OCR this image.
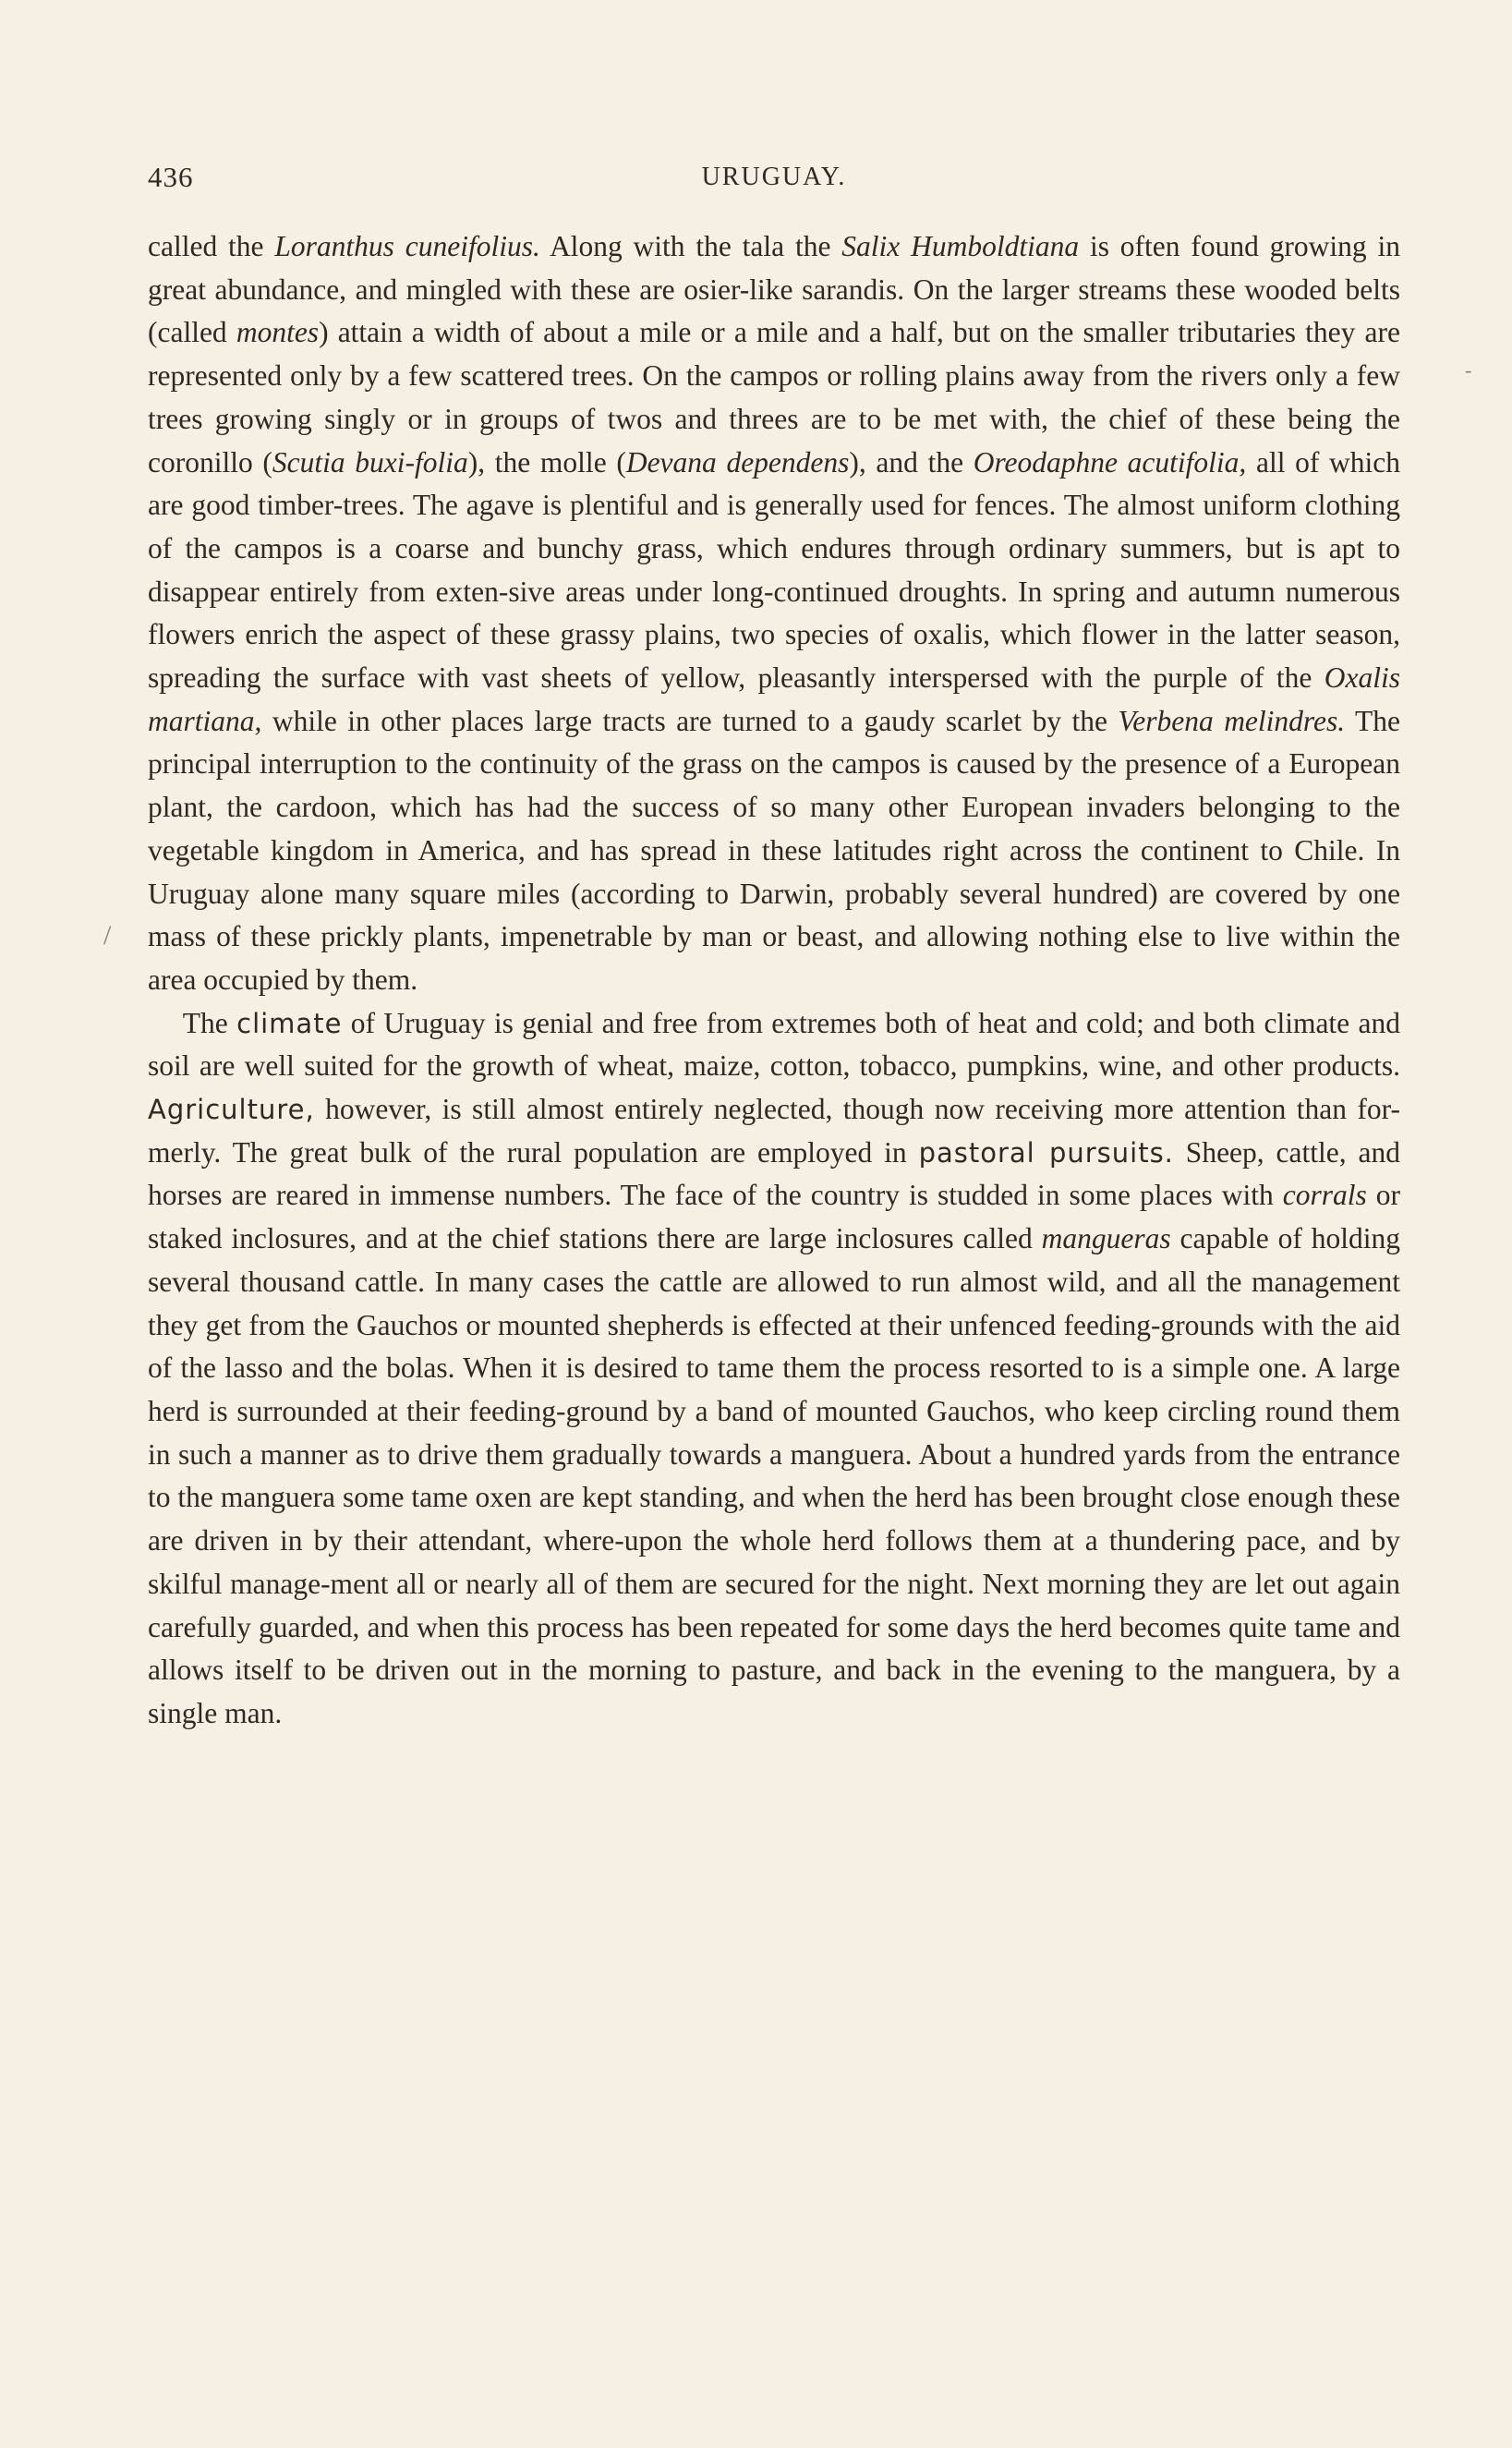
/
-
436	URUGUAY.

called the Loranthus cuneifolius. Along with the tala the Salix Humboldtiana is often found growing in great abundance, and mingled with these are osier-like sarandis. On the larger streams these wooded belts (called montes) attain a width of about a mile or a mile and a half, but on the smaller tributaries they are represented only by a few scattered trees. On the campos or rolling plains away from the rivers only a few trees growing singly or in groups of twos and threes are to be met with, the chief of these being the coronillo (Scutia buxi-folia), the molle (Devana dependens), and the Oreodaphne acutifolia, all of which are good timber-trees. The agave is plentiful and is generally used for fences. The almost uniform clothing of the campos is a coarse and bunchy grass, which endures through ordinary summers, but is apt to disappear entirely from exten-sive areas under long-continued droughts. In spring and autumn numerous flowers enrich the aspect of these grassy plains, two species of oxalis, which flower in the latter season, spreading the surface with vast sheets of yellow, pleasantly interspersed with the purple of the Oxalis martiana, while in other places large tracts are turned to a gaudy scarlet by the Verbena melindres. The principal interruption to the continuity of the grass on the campos is caused by the presence of a European plant, the cardoon, which has had the success of so many other European invaders belonging to the vegetable kingdom in America, and has spread in these latitudes right across the continent to Chile. In Uruguay alone many square miles (according to Darwin, probably several hundred) are covered by one mass of these prickly plants, impenetrable by man or beast, and allowing nothing else to live within the area occupied by them.

The climate of Uruguay is genial and free from extremes both of heat and cold; and both climate and soil are well suited for the growth of wheat, maize, cotton, tobacco, pumpkins, wine, and other products. Agriculture, however, is still almost entirely neglected, though now receiving more attention than for-merly. The great bulk of the rural population are employed in pastoral pursuits. Sheep, cattle, and horses are reared in immense numbers. The face of the country is studded in some places with corrals or staked inclosures, and at the chief stations there are large inclosures called mangueras capable of holding several thousand cattle. In many cases the cattle are allowed to run almost wild, and all the management they get from the Gauchos or mounted shepherds is effected at their unfenced feeding-grounds with the aid of the lasso and the bolas. When it is desired to tame them the process resorted to is a simple one. A large herd is surrounded at their feeding-ground by a band of mounted Gauchos, who keep circling round them in such a manner as to drive them gradually towards a manguera. About a hundred yards from the entrance to the manguera some tame oxen are kept standing, and when the herd has been brought close enough these are driven in by their attendant, where-upon the whole herd follows them at a thundering pace, and by skilful manage-ment all or nearly all of them are secured for the night. Next morning they are let out again carefully guarded, and when this process has been repeated for some days the herd becomes quite tame and allows itself to be driven out in the morning to pasture, and back in the evening to the manguera, by a single man.
